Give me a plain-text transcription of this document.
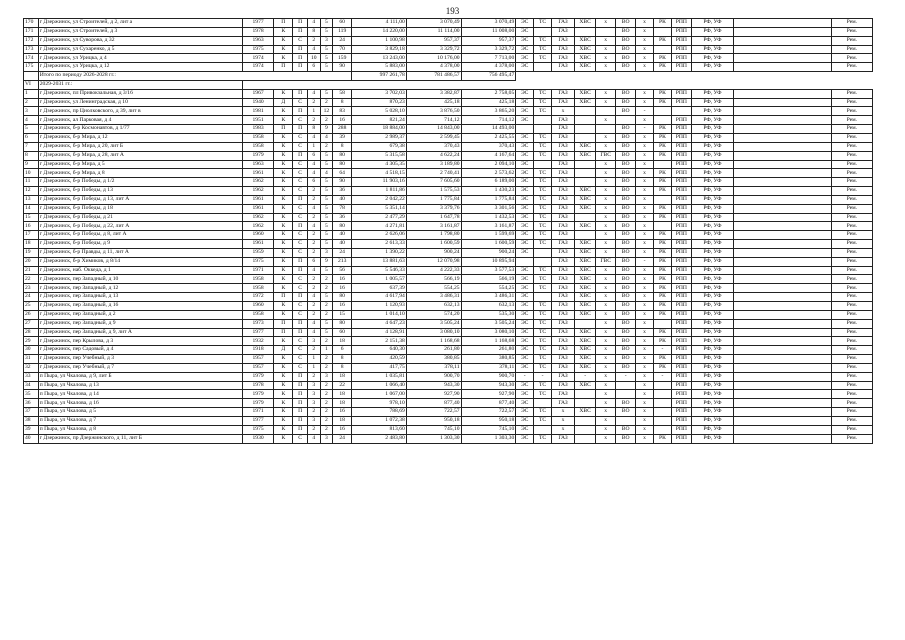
193
170	г Дзержинск, ул Строителей, д 2, лит а	1977	П	П	4	5	60	4 111,00	3 070,49	3 070,49	ЭС	ТС	ГАЗ	ХВС	х	ВО	х	РК	РПП	РФ, УФ		Рем.
171	г Дзержинск, ул Строителей, д 3	1978	К	П	8	5	119	14 220,00	11 114,00	11 008,00	ЭС		ГАЗ			ВО	х		РПП	РФ, УФ		Рем.
172	г Дзержинск, ул Суворова, д 32	1963	К	С	2	3	24	1 100,98	957,37	957,37	ЭС	ТС	ГАЗ	ХВС	х	ВО	х	РК	РПП	РФ, УФ		Рем.
173	г Дзержинск, ул Сухаренко, д 5	1975	К	П	4	5	70	3 829,18	3 329,72	3 329,72	ЭС	ТС	ГАЗ	ХВС	х	ВО	х		РПП	РФ, УФ		Рем.
174	г Дзержинск, ул Урицка, д 4	1974	К	П	10	5	159	13 243,00	10 176,00	7 713,00	ЭС	ТС	ГАЗ	ХВС	х	ВО	х	РК	РПП	РФ, УФ		Рем.
175	г Дзержинск, ул Урицка, д 12	1974	П	П	6	5	90	5 883,00	4 378,00	4 378,00	ЭС		ГАЗ	ХВС	х	ВО	х	РК	РПП	РФ, УФ		Рем.
	Итого по периоду 2026-2028 гг.:							997 261,78	781 486,57	756 495,47												
VI	2029-2031 гг.:																					
1	г Дзержинск, пл Привокзальная, д 3/16	1967	К	П	4	5	58	3 702,03	3 382,87	2 758,05	ЭС	ТС	ГАЗ	ХВС	х	ВО	х	РК	РПП	РФ, УФ		Рем.
2	г Дзержинск, ул Ленинградская, д 10	1940	Д	С	2	2	8	870,23	425,18	425,18	ЭС	ТС	ГАЗ	ХВС	х	ВО	х	РК	РПП	РФ, УФ		Рем.
3	г Дзержинск, пр Циолковского, д 39, лит в	1981	К	П	1	12	83	5 028,10	3 876,50	3 865,20	ЭС	ТС	х			ВО	-			РФ, УФ		Рем.
4	г Дзержинск, ал Парковая, д 4	1951	К	С	2	2	16	821,24	714,12	714,12	ЭС		ГАЗ		х		х		РПП	РФ, УФ		Рем.
5	г Дзержинск, б-р Космонавтов, д 1/77	1983	П	П	8	9	288	18 884,00	14 843,00	14 493,00			ГАЗ			ВО	-	РК	РПП	РФ, УФ		Рем.
6	г Дзержинск, б-р Мира, д 12	1958	К	С	4	4	39	2 989,37	2 599,45	2 425,55	ЭС	ТС	ГАЗ		х	ВО	х	РК	РПП	РФ, УФ		Рем.
7	г Дзержинск, б-р Мира, д 20, лит Б	1958	К	С	1	2	8	679,38	370,43	370,43	ЭС	ТС	ГАЗ	ХВС	х	ВО	х	РК	РПП	РФ, УФ		Рем.
8	г Дзержинск, б-р Мира, д 28, лит А	1979	К	П	6	5	80	5 315,58	4 622,24	4 167,64	ЭС	ТС	ГАЗ	ХВС	ГВС	ВО	х	РК	РПП	РФ, УФ		Рем.
9	г Дзержинск, б-р Мира, д 5	1963	К	С	4	5	80	4 305,35	3 189,80	2 094,10	ЭС		ГАЗ		х	ВО	х		РПП	РФ, УФ		Рем.
10	г Дзержинск, б-р Мира, д 8	1961	К	С	4	4	64	4 518,15	2 740,41	2 573,62	ЭС	ТС	ГАЗ		х	ВО	х	РК	РПП	РФ, УФ		Рем.
11	г Дзержинск, б-р Победы, д 1/2	1962	К	С	6	5	90	11 903,16	7 605,60	6 189,00	ЭС	ТС	ГАЗ		х	ВО	х	РК	РПП	РФ, УФ		Рем.
12	г Дзержинск, б-р Победы, д 13	1962	К	С	2	5	36	1 811,86	1 575,53	1 430,23	ЭС	ТС	ГАЗ	ХВС	х	ВО	х	РК	РПП	РФ, УФ		Рем.
13	г Дзержинск, б-р Победы, д 13, лит А	1961	К	П	2	5	40	2 042,22	1 775,84	1 775,84	ЭС	ТС	ГАЗ	ХВС	х	ВО	х		РПП	РФ, УФ		Рем.
14	г Дзержинск, б-р Победы, д 18	1961	К	С	4	5	78	5 351,14	3 379,76	3 301,56	ЭС	ТС	ГАЗ	ХВС	х	ВО	х	РК	РПП	РФ, УФ		Рем.
15	г Дзержинск, б-р Победы, д 21	1962	К	С	2	5	36	2 477,29	1 647,78	1 432,53	ЭС	ТС	ГАЗ		х	ВО	х	РК	РПП	РФ, УФ		Рем.
16	г Дзержинск, б-р Победы, д 22, лит А	1962	К	П	4	5	80	4 271,81	3 161,87	3 161,87	ЭС	ТС	ГАЗ	ХВС	х	ВО	х		РПП	РФ, УФ		Рем.
17	г Дзержинск, б-р Победы, д 8, лит А	1960	К	С	2	5	40	2 626,06	1 798,80	1 599,69	ЭС	ТС	ГАЗ		х	ВО	х	РК	РПП	РФ, УФ		Рем.
18	г Дзержинск, б-р Победы, д 9	1961	К	С	2	5	40	2 613,33	1 600,59	1 600,59	ЭС	ТС	ГАЗ	ХВС	х	ВО	х	РК	РПП	РФ, УФ		Рем.
19	г Дзержинск, б-р Правды, д 11, лит А	1959	К	С	2	3	24	1 390,22	900,24	900,24	ЭС		ГАЗ	ХВС	х	ВО	х	РК	РПП	РФ, УФ		Рем.
20	г Дзержинск, б-р Химиков, д 8/14	1975	К	П	6	9	213	13 881,63	12 070,98	10 895,94			ГАЗ	ХВС	ГВС	ВО	-	РК	РПП	РФ, УФ		Рем.
21	г Дзержинск, наб. Оккеда, д 1	1971	К	П	4	5	56	5 546,33	4 222,33	3 577,53	ЭС	ТС	ГАЗ	ХВС	х	ВО	х	РК	РПП	РФ, УФ		Рем.
22	г Дзержинск, пер Западный, д 10	1958	К	С	2	2	16	1 005,57	566,19	566,19	ЭС	ТС	ГАЗ	ХВС	х	ВО	х	РК	РПП	РФ, УФ		Рем.
23	г Дзержинск, пер Западный, д 12	1958	К	С	2	2	16	637,39	554,25	554,25	ЭС	ТС	ГАЗ	ХВС	х	ВО	х	РК	РПП	РФ, УФ		Рем.
24	г Дзержинск, пер Западный, д 13	1972	П	П	4	5	80	4 617,94	3 486,31	3 486,31	ЭС		ГАЗ	ХВС	х	ВО	х	РК	РПП	РФ, УФ		Рем.
25	г Дзержинск, пер Западный, д 16	1960	К	С	2	2	16	1 120,93	632,13	632,13	ЭС	ТС	ГАЗ	ХВС	х	ВО	х	РК	РПП	РФ, УФ		Рем.
26	г Дзержинск, пер Западный, д 2	1958	К	С	2	2	15	1 014,10	574,20	535,30	ЭС	ТС	ГАЗ	ХВС	х	ВО	х	РК	РПП	РФ, УФ		Рем.
27	г Дзержинск, пер Западный, д 9	1973	П	П	4	5	80	4 647,23	3 505,24	3 505,24	ЭС	ТС	ГАЗ		х	ВО	х		РПП	РФ, УФ		Рем.
28	г Дзержинск, пер Западный, д 9, лит А	1977	П	П	4	5	60	4 128,91	3 080,10	3 080,10	ЭС	ТС	ГАЗ	ХВС	х	ВО	х	РК	РПП	РФ, УФ		Рем.
29	г Дзержинск, пер Крылова, д 3	1932	К	С	3	2	18	2 151,38	1 168,68	1 168,68	ЭС	ТС	ГАЗ	ХВС	х	ВО	х	РК	РПП	РФ, УФ		Рем.
30	г Дзержинск, пер Садовый, д 4	1918	Д	С	2	1	6	640,30	261,80	261,80	ЭС	ТС	ГАЗ	ХВС	х	ВО	х	-	РПП	РФ, УФ		Рем.
31	г Дзержинск, пер Учебный, д 3	1957	К	С	1	2	8	420,59	380,85	380,85	ЭС	ТС	ГАЗ	ХВС	х	ВО	х	РК	РПП	РФ, УФ		Рем.
32	г Дзержинск, пер Учебный, д 7	1957	К	С	1	2	8	417,75	378,11	378,11	ЭС	ТС	ГАЗ	ХВС	х	ВО	х	РК	РПП	РФ, УФ		Рем.
33	п Пыра, ул Чкалова, д 9, лит Б	1979	К	П	2	3	18	1 035,81	900,70	900,70	-	-	ГАЗ	-	х	-	х	-	РПП	РФ, УФ		Рем.
34	п Пыра, ул Чкалова, д 13	1978	К	П	3	2	22	1 066,40	943,30	943,30	ЭС	ТС	ГАЗ	ХВС	х		х		РПП	РФ, УФ		Рем.
35	п Пыра, ул Чкалова, д 14	1979	К	П	3	2	18	1 067,00	927,90	927,90	ЭС	ТС	ГАЗ		х		х		РПП	РФ, УФ		Рем.
36	п Пыра, ул Чкалова, д 16	1979	К	П	3	2	18	978,10	877,40	877,40	ЭС		ГАЗ		х	ВО	х		РПП	РФ, УФ		Рем.
37	п Пыра, ул Чкалова, д 5	1971	К	П	2	2	16	788,69	722,57	722,57	ЭС	ТС	х	ХВС	х	ВО	х		РПП	РФ, УФ		Рем.
38	п Пыра, ул Чкалова, д 7	1977	К	П	3	2	18	1 072,38	950,18	950,18	ЭС	ТС	х		х		х		РПП	РФ, УФ		Рем.
39	п Пыра, ул Чкалова, д 8	1975	К	П	2	2	16	813,60	745,10	745,10	ЭС		х		х	ВО	х		РПП	РФ, УФ		Рем.
40	г Дзержинск, пр Дзержинского, д 11, лит Б	1930	К	С	4	3	24	2 483,80	1 303,30	1 303,30	ЭС	ТС	ГАЗ		х	ВО	х	РК	РПП	РФ, УФ		Рем.
